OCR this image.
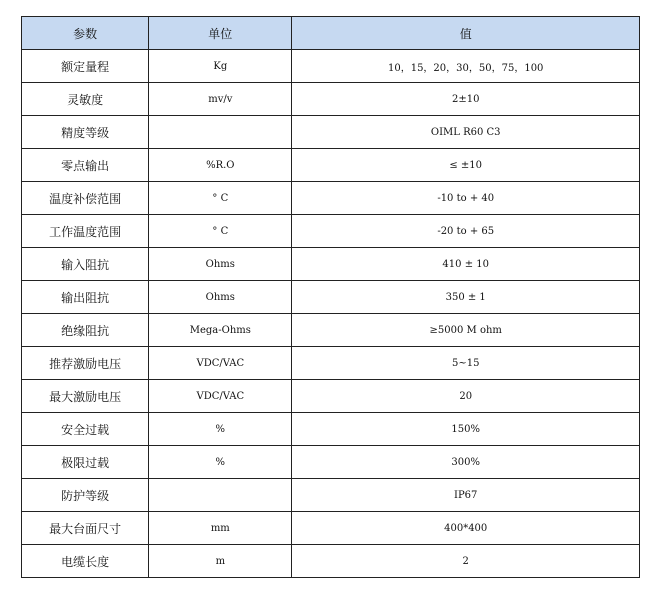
参数	单位	值
额定量程	Kg	10，15，20，30，50，75，100
灵敏度	mv/v	2±10
精度等级		OIML R60 C3
零点输出	%R.O	≤ ±10
温度补偿范围	° C	-10 to + 40
工作温度范围	° C	-20 to + 65
输入阻抗	Ohms	410 ± 10
输出阻抗	Ohms	350 ± 1
绝缘阻抗	Mega-Ohms	≥5000 M ohm
推荐激励电压	VDC/VAC	5~15
最大激励电压	VDC/VAC	20
安全过载	%	150%
极限过载	%	300%
防护等级		IP67
最大台面尺寸	mm	400*400
电缆长度	m	2
